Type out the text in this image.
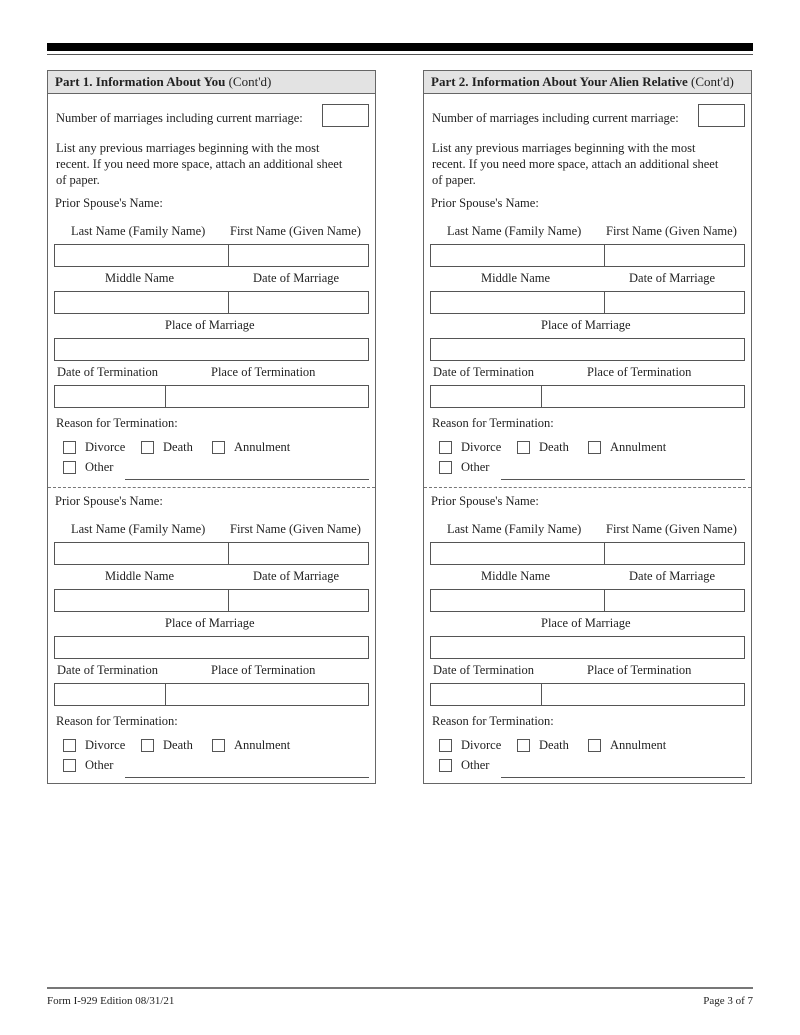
Part 1. Information About You (Cont'd)
Number of marriages including current marriage:
List any previous marriages beginning with the most
recent. If you need more space, attach an additional sheet
of paper.
Prior Spouse's Name:
Last Name (Family Name) First Name (Given Name)
Middle Name	Date of Marriage
Place of Marriage
Date of Termination	Place of Termination
Reason for Termination:
Divorce	Death	Annulment
Other
Prior Spouse's Name:
Last Name (Family Name) First Name (Given Name)
Middle Name	Date of Marriage
Place of Marriage
Date of Termination	Place of Termination
Reason for Termination:
Divorce	Death	Annulment
Other
Part 2. Information About Your Alien Relative (Cont'd)
Number of marriages including current marriage:
List any previous marriages beginning with the most
recent. If you need more space, attach an additional sheet
of paper.
Prior Spouse's Name:
Last Name (Family Name) First Name (Given Name)
Middle Name	Date of Marriage
Place of Marriage
Date of Termination	Place of Termination
Reason for Termination:
Divorce	Death	Annulment
Other
Prior Spouse's Name:
Last Name (Family Name) First Name (Given Name)
Middle Name	Date of Marriage
Place of Marriage
Date of Termination	Place of Termination
Reason for Termination:
Divorce	Death	Annulment
Other
Form I-929 Edition 08/31/21	Page 3 of 7
